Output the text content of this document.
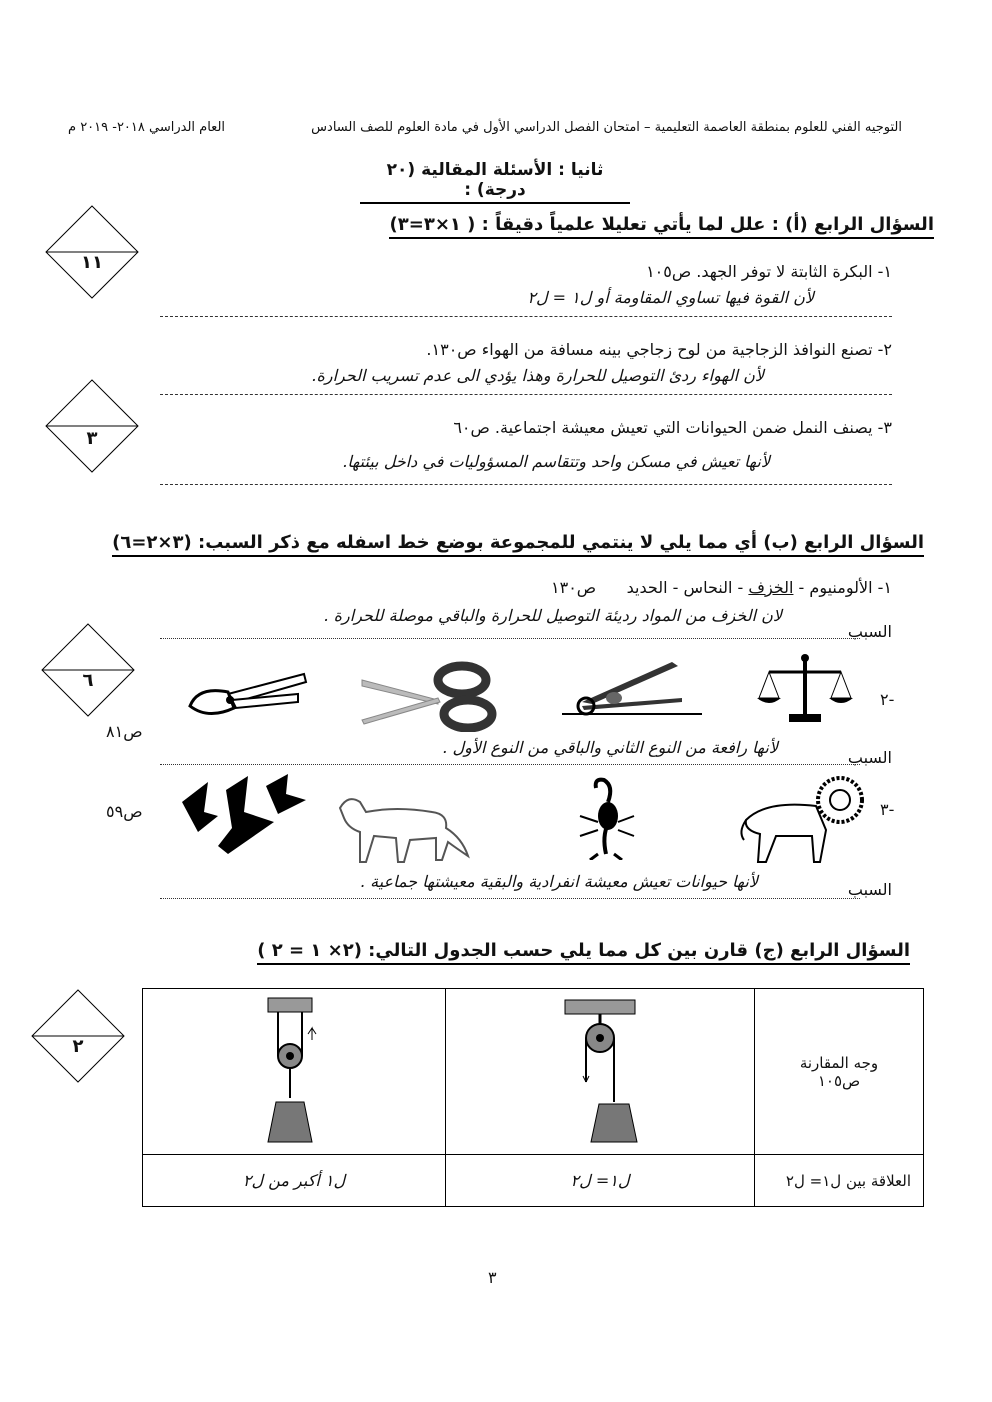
العام الدراسي ٢٠١٨- ٢٠١٩ م	التوجيه الفني للعلوم بمنطقة العاصمة التعليمية – امتحان الفصل الدراسي الأول في مادة العلوم للصف السادس
ثانيا : الأسئلة المقالية (٢٠ درجة) :
١١
٣
٦
٢
السؤال الرابع (أ) : علل لما يأتي تعليلا علمياً دقيقاً : ( ١×٣=٣)
١- البكرة الثابتة لا توفر الجهد. ص١٠٥
لأن القوة فيها تساوي المقاومة أو ل١ = ل٢
٢- تصنع النوافذ الزجاجية من لوح زجاجي بينه مسافة من الهواء ص١٣٠.
لأن الهواء ردئ التوصيل للحرارة وهذا يؤدي الى عدم تسريب الحرارة.
٣- يصنف النمل ضمن الحيوانات التي تعيش معيشة اجتماعية. ص٦٠
لأنها تعيش في مسكن واحد وتتقاسم المسؤوليات في داخل بيئتها.
السؤال الرابع (ب) أي مما يلي لا ينتمي للمجموعة بوضع خط اسفله مع ذكر السبب: (٣×٢=٦)
١- الألومنيوم - الخزف - النحاس - الحديد      ص١٣٠
لان الخزف من المواد رديئة التوصيل للحرارة والباقي موصلة للحرارة .
السبب
٢-
ص٨١
لأنها رافعة من النوع الثاني والباقي من النوع الأول .
السبب
٣-
ص٥٩
لأنها حيوانات تعيش معيشة انفرادية والبقية معيشتها جماعية .	السبب
السؤال الرابع (ج) قارن بين كل مما يلي حسب الجدول التالي: (٢× ١ = ٢ )

وجه المقارنة
ص١٠٥

ل١ أكبر من ل٢	ل١= ل٢	العلاقة بين ل١= ل٢
٣
